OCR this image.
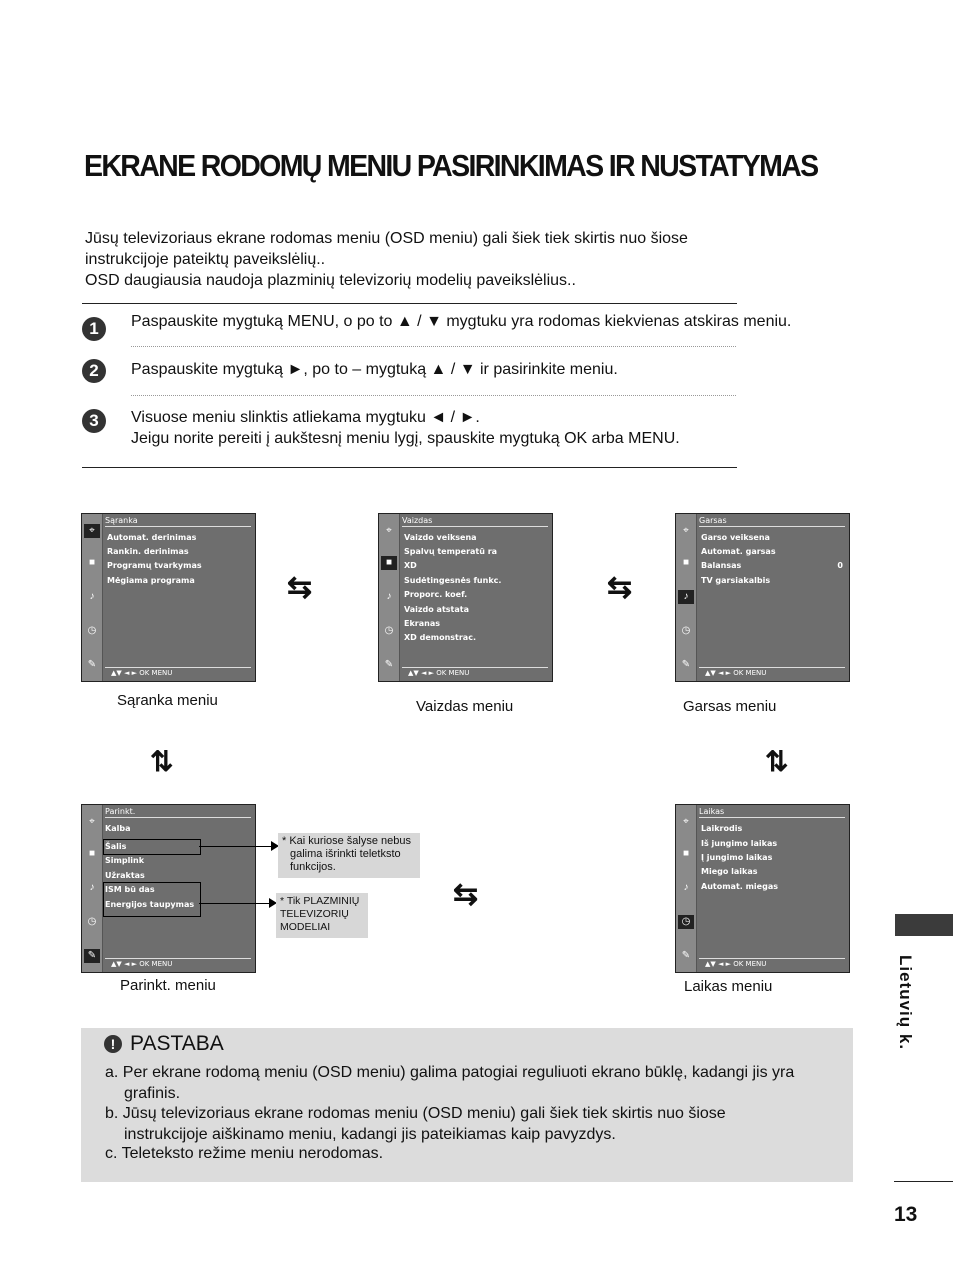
EKRANE RODOMŲ MENIU PASIRINKIMAS IR NUSTATYMAS
Jūsų televizoriaus ekrane rodomas meniu (OSD meniu) gali šiek tiek skirtis nuo šiose
instrukcijoje pateiktų paveikslėlių..
OSD daugiausia naudoja plazminių televizorių modelių paveikslėlius..
1	Paspauskite mygtuką MENU, o po to ▲ / ▼ mygtuku yra rodomas kiekvienas atskiras meniu.
2	Paspauskite mygtuką ►, po to – mygtuką ▲ / ▼ ir pasirinkite meniu.
3	Visuose meniu slinktis atliekama mygtuku ◄ / ►.
Jeigu norite pereiti į aukštesnį meniu lygį, spauskite mygtuką OK arba MENU.
⌖
■
♪
◷
✎
Sąranka
Automat. derinimas
Rankin. derinimas
Programų tvarkymas
Mėgiama programa
▲▼ ◄ ► OK MENU
Sąranka meniu
⌖
■
♪
◷
✎
Vaizdas
Vaizdo veiksena
Spalvų temperatū ra
XD
Sudėtingesnės funkc.
Proporc. koef.
Vaizdo atstata
Ekranas
XD demonstrac.
▲▼ ◄ ► OK MENU
Vaizdas meniu
⌖
■
♪
◷
✎
Garsas
Garso veiksena
Automat. garsas
Balansas	0
TV garsiakalbis
▲▼ ◄ ► OK MENU
Garsas meniu
⇆	⇆
⇆
⇅	⇅
⌖
■
♪
◷
✎
Parinkt.
Kalba
Šalis
Simplink
Užraktas
ISM bū das
Energijos taupymas
▲▼ ◄ ► OK MENU
* Kai kuriose šalyse nebus
galima išrinkti teletksto
funkcijos.
* Tik PLAZMINIŲ
TELEVIZORIŲ
MODELIAI
Parinkt. meniu
⌖
■
♪
◷
✎
Laikas
Laikrodis
Iš jungimo laikas
Į jungimo laikas
Miego laikas
Automat. miegas
▲▼ ◄ ► OK MENU
Laikas meniu
! PASTABA
a. Per ekrane rodomą meniu (OSD meniu) galima patogiai reguliuoti ekrano būklę, kadangi jis yra
grafinis.
b. Jūsų televizoriaus ekrane rodomas meniu (OSD meniu) gali šiek tiek skirtis nuo šiose
instrukcijoje aiškinamo meniu, kadangi jis pateikiamas kaip pavyzdys.
c. Teleteksto režime meniu nerodomas.
Lietuvių k.
13
